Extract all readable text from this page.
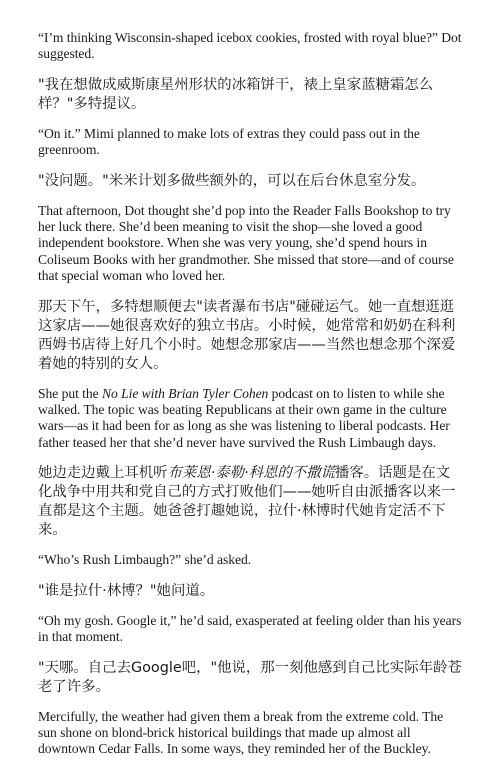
“I’m thinking Wisconsin-shaped icebox cookies, frosted with royal blue?” Dot suggested.

"我在想做成威斯康星州形状的冰箱饼干，裱上皇家蓝糖霜怎么样？"多特提议。

“On it.” Mimi planned to make lots of extras they could pass out in the greenroom.

"没问题。"米米计划多做些额外的，可以在后台休息室分发。

That afternoon, Dot thought she’d pop into the Reader Falls Bookshop to try her luck there. She’d been meaning to visit the shop—she loved a good independent bookstore. When she was very young, she’d spend hours in Coliseum Books with her grandmother. She missed that store—and of course that special woman who loved her.

那天下午，多特想顺便去"读者瀑布书店"碰碰运气。她一直想逛逛这家店——她很喜欢好的独立书店。小时候，她常常和奶奶在科利西姆书店待上好几个小时。她想念那家店——当然也想念那个深爱着她的特别的女人。

She put the No Lie with Brian Tyler Cohen podcast on to listen to while she walked. The topic was beating Republicans at their own game in the culture wars—as it had been for as long as she was listening to liberal podcasts. Her father teased her that she’d never have survived the Rush Limbaugh days.

她边走边戴上耳机听布莱恩·泰勒·科恩的不撒谎播客。话题是在文化战争中用共和党自己的方式打败他们——她听自由派播客以来一直都是这个主题。她爸爸打趣她说，拉什·林博时代她肯定活不下来。

“Who’s Rush Limbaugh?” she’d asked.

"谁是拉什·林博？"她问道。

“Oh my gosh. Google it,” he’d said, exasperated at feeling older than his years in that moment.

"天哪。自己去Google吧，"他说，那一刻他感到自己比实际年龄苍老了许多。

Mercifully, the weather had given them a break from the extreme cold. The sun shone on blond-brick historical buildings that made up almost all downtown Cedar Falls. In some ways, they reminded her of the Buckley.
